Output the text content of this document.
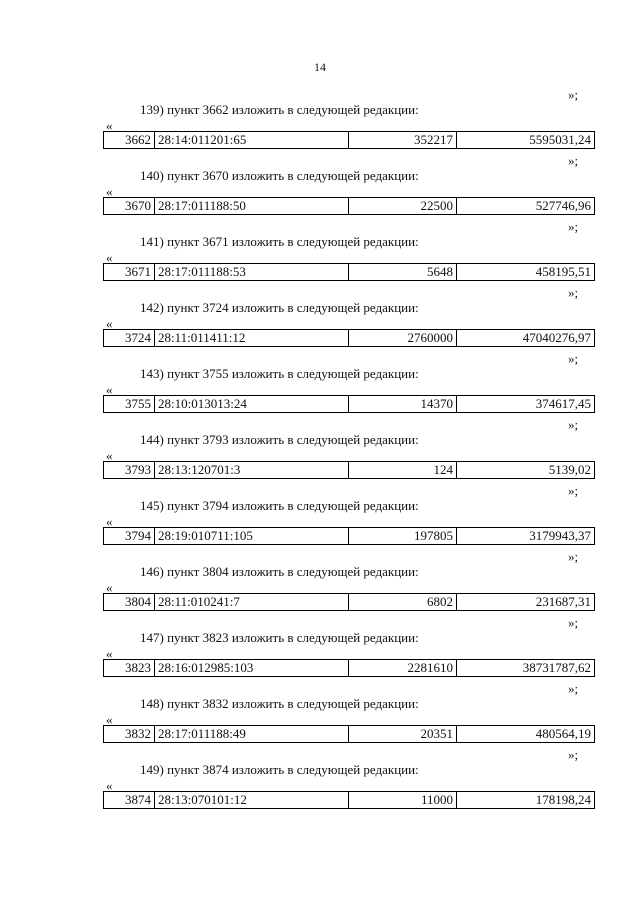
14
»;
139) пункт 3662 изложить в следующей редакции:
«
3662	28:14:011201:65	352217	5595031,24
»;
140) пункт 3670 изложить в следующей редакции:
«
3670	28:17:011188:50	22500	527746,96
»;
141) пункт 3671 изложить в следующей редакции:
«
3671	28:17:011188:53	5648	458195,51
»;
142) пункт 3724 изложить в следующей редакции:
«
3724	28:11:011411:12	2760000	47040276,97
»;
143) пункт 3755 изложить в следующей редакции:
«
3755	28:10:013013:24	14370	374617,45
»;
144) пункт 3793 изложить в следующей редакции:
«
3793	28:13:120701:3	124	5139,02
»;
145) пункт 3794 изложить в следующей редакции:
«
3794	28:19:010711:105	197805	3179943,37
»;
146) пункт 3804 изложить в следующей редакции:
«
3804	28:11:010241:7	6802	231687,31
»;
147) пункт 3823 изложить в следующей редакции:
«
3823	28:16:012985:103	2281610	38731787,62
»;
148) пункт 3832 изложить в следующей редакции:
«
3832	28:17:011188:49	20351	480564,19
»;
149) пункт 3874 изложить в следующей редакции:
«
3874	28:13:070101:12	11000	178198,24
